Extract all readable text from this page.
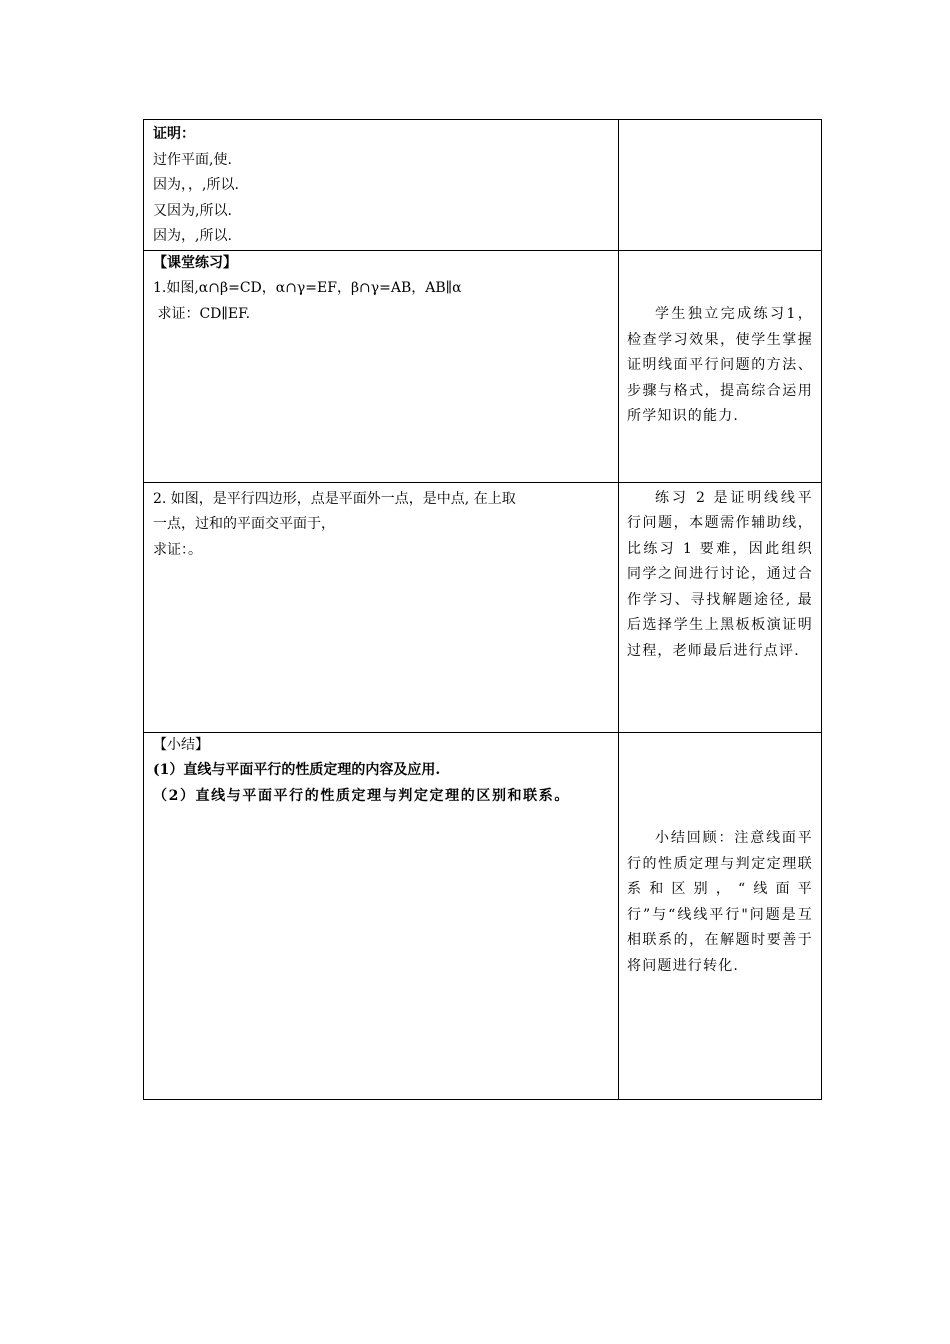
证明：
过作平面,使.
因为，，,所以.
又因为,所以.
因为，,所以.	

【课堂练习】
1.如图,α∩β=CD，α∩γ=EF，β∩γ=AB，AB∥α
求证：CD∥EF.	学生独立完成练习1，检查学习效果，使学生掌握证明线面平行问题的方法、步骤与格式，提高综合运用所学知识的能力.

2. 如图，是平行四边形，点是平面外一点，是中点, 在上取
一点，过和的平面交平面于，
求证：。	练习 2 是证明线线平行问题，本题需作辅助线，比练习 1 要难，因此组织同学之间进行讨论，通过合作学习、寻找解题途径, 最后选择学生上黑板板演证明过程，老师最后进行点评.

【小结】
(1）直线与平面平行的性质定理的内容及应用.
（2）直线与平面平行的性质定理与判定定理的区别和联系。	小结回顾：注意线面平行的性质定理与判定定理联系和区别，“线面平行”与“线线平行"问题是互相联系的，在解题时要善于将问题进行转化.
